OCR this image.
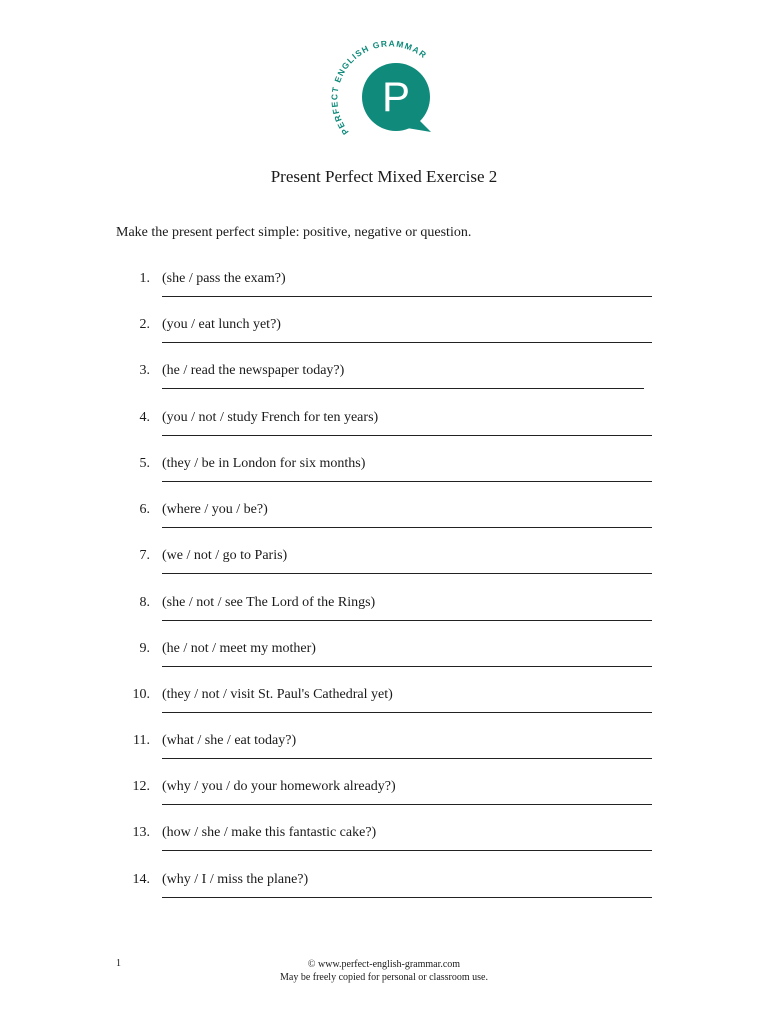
PERFECT ENGLISH GRAMMAR
P
Present Perfect Mixed Exercise 2
Make the present perfect simple: positive, negative or question.
1. (she / pass the exam?)
2. (you / eat lunch yet?)
3. (he / read the newspaper today?)
4. (you / not / study French for ten years)
5. (they / be in London for six months)
6. (where / you / be?)
7. (we / not / go to Paris)
8. (she / not / see The Lord of the Rings)
9. (he / not / meet my mother)
10. (they / not / visit St. Paul's Cathedral yet)
11. (what / she / eat today?)
12. (why / you / do your homework already?)
13. (how / she / make this fantastic cake?)
14. (why / I / miss the plane?)
1	© www.perfect-english-grammar.com
May be freely copied for personal or classroom use.
